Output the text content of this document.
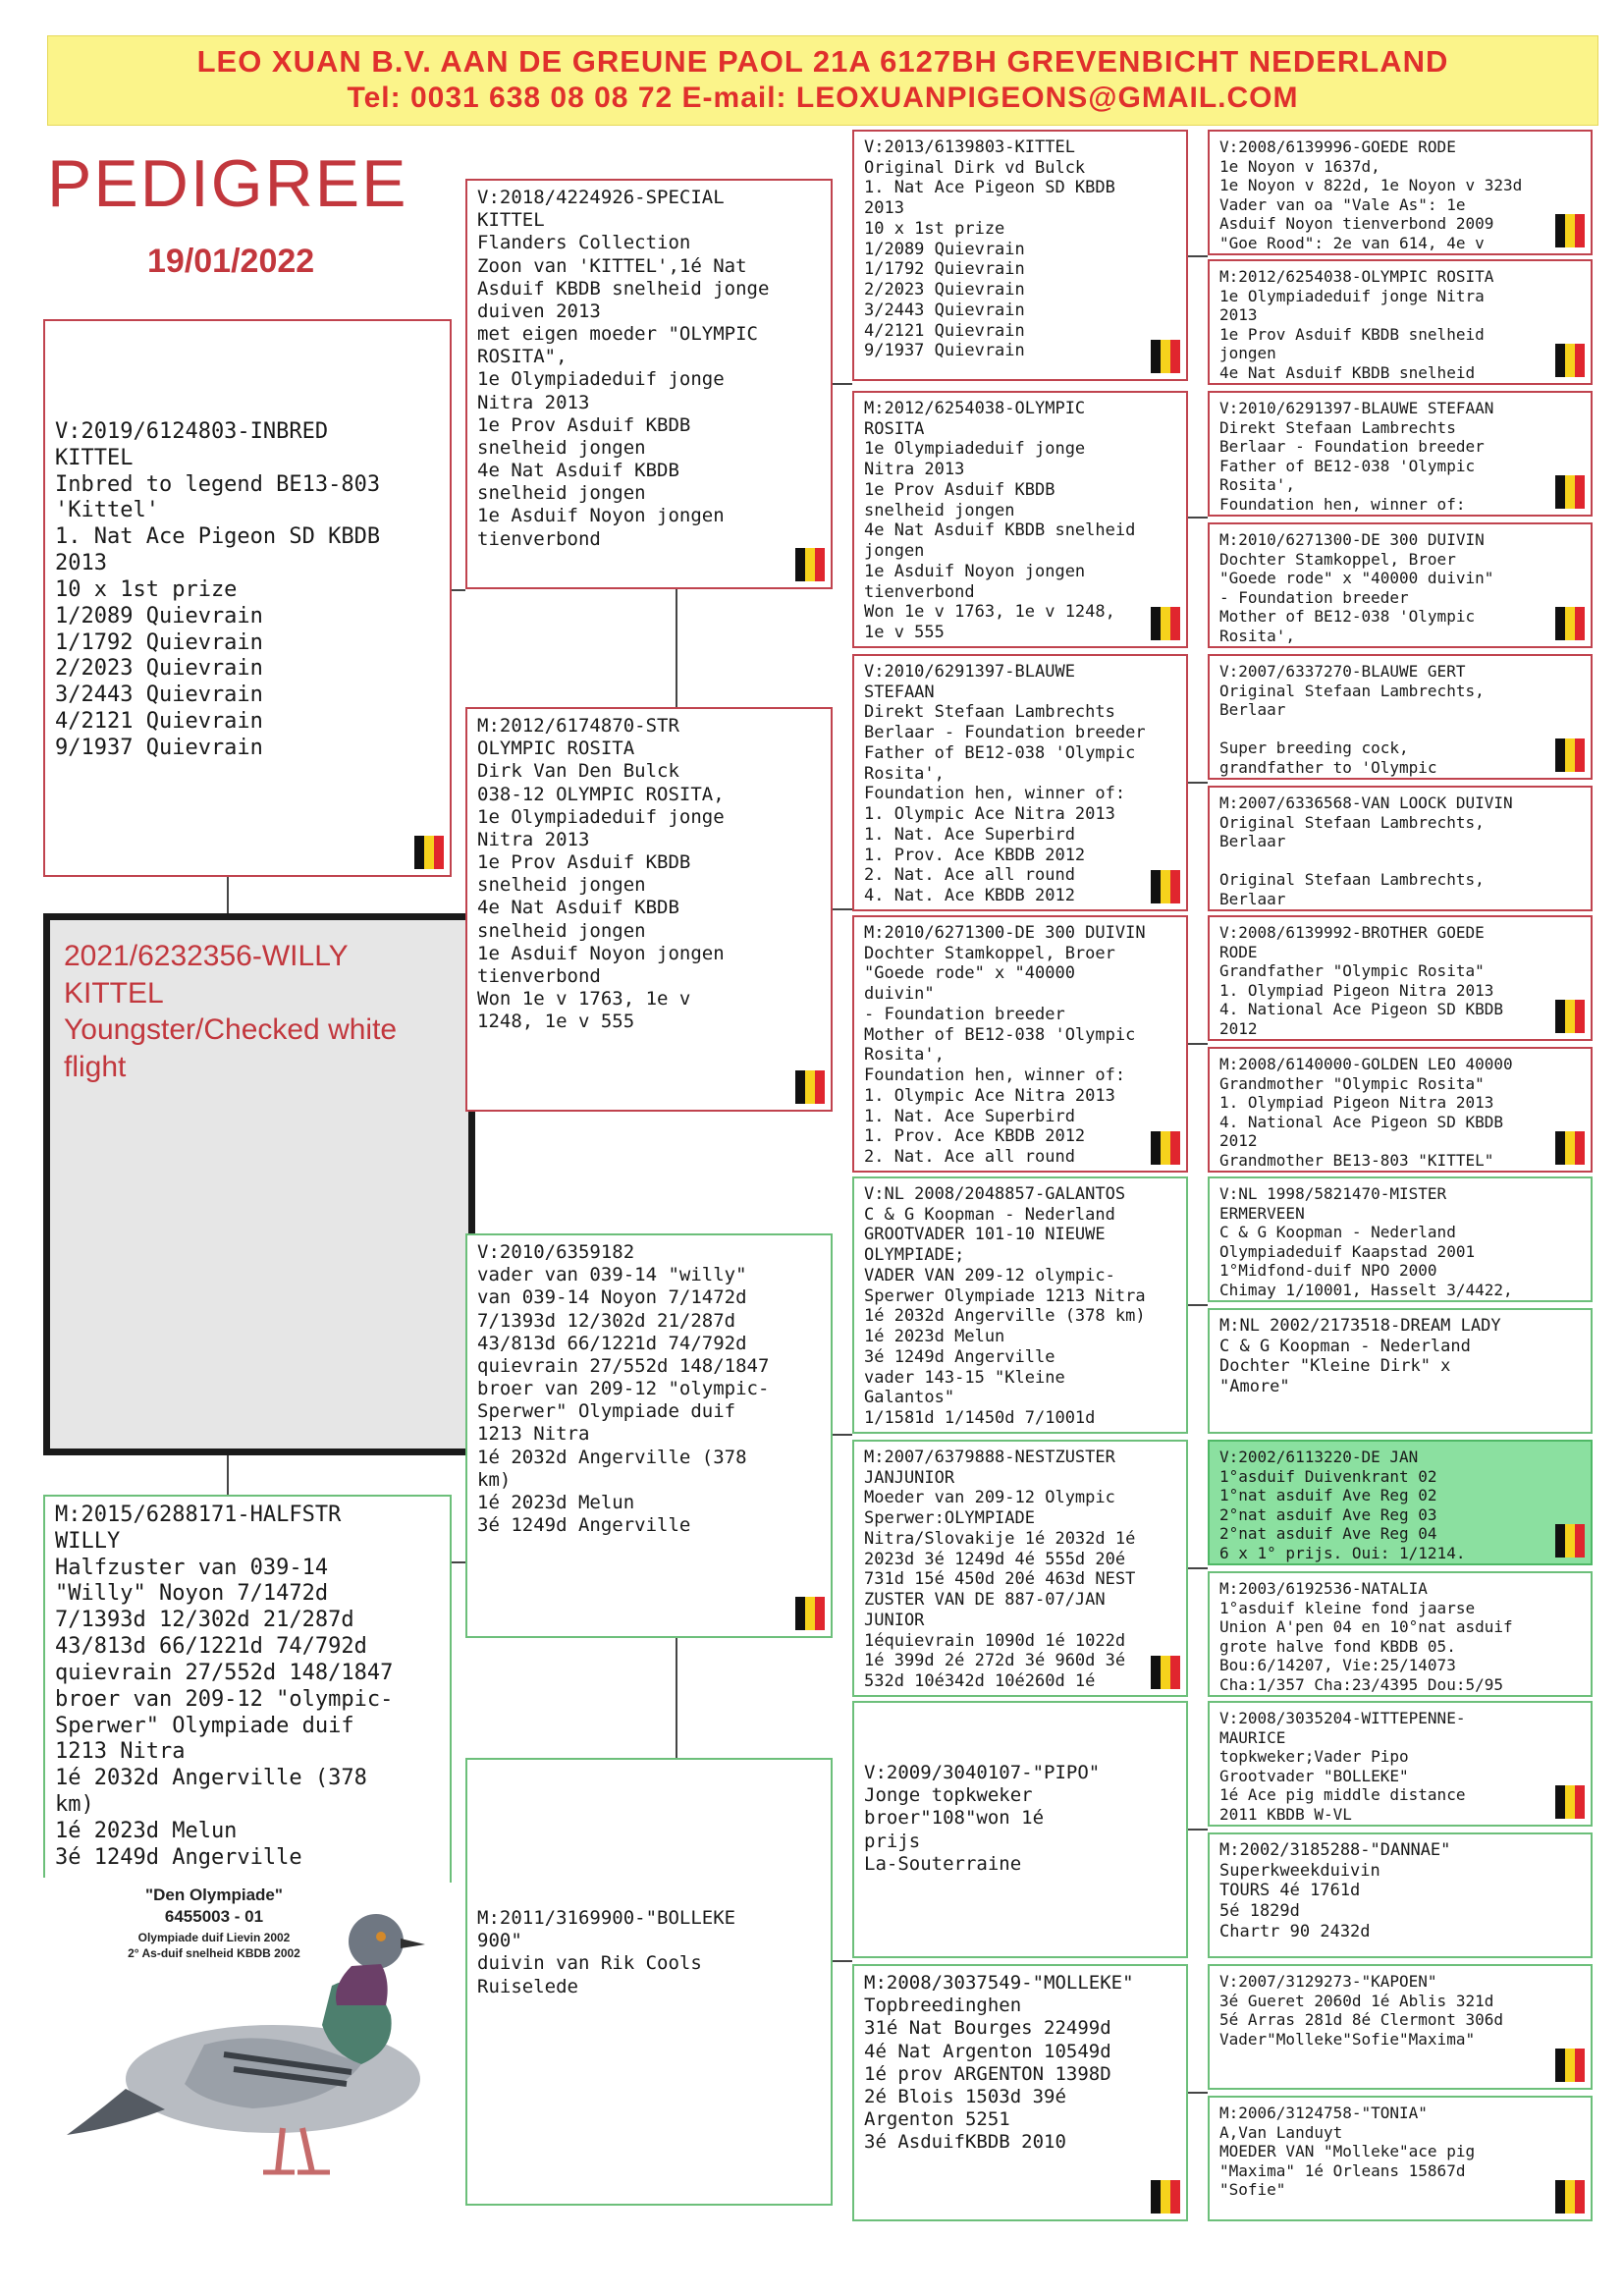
LEO XUAN B.V. AAN DE GREUNE PAOL 21A 6127BH GREVENBICHT NEDERLAND
Tel: 0031 638 08 08 72 E-mail: LEOXUANPIGEONS@GMAIL.COM
PEDIGREE
19/01/2022
V:2019/6124803-INBRED
KITTEL
Inbred to legend BE13-803
'Kittel'
1. Nat Ace Pigeon SD KBDB
2013
10 x 1st prize
1/2089 Quievrain
1/1792 Quievrain
2/2023 Quievrain
3/2443 Quievrain
4/2121 Quievrain
9/1937 Quievrain
2021/6232356-WILLY
KITTEL
Youngster/Checked white
flight
M:2015/6288171-HALFSTR
WILLY
Halfzuster van 039-14
"Willy" Noyon 7/1472d
7/1393d 12/302d 21/287d
43/813d 66/1221d 74/792d
quievrain 27/552d 148/1847
broer van 209-12 "olympic-
Sperwer" Olympiade duif
1213 Nitra
1é 2032d Angerville (378
km)
1é 2023d Melun
3é 1249d Angerville
V:2018/4224926-SPECIAL
KITTEL
Flanders Collection
Zoon van 'KITTEL',1é Nat
Asduif KBDB snelheid jonge
duiven 2013
met eigen moeder "OLYMPIC
ROSITA",
1e Olympiadeduif jonge
Nitra 2013
1e Prov Asduif KBDB
snelheid jongen
4e Nat Asduif KBDB
snelheid jongen
1e Asduif Noyon jongen
tienverbond
M:2012/6174870-STR
OLYMPIC ROSITA
Dirk Van Den Bulck
038-12 OLYMPIC ROSITA,
1e Olympiadeduif jonge
Nitra 2013
1e Prov Asduif KBDB
snelheid jongen
4e Nat Asduif KBDB
snelheid jongen
1e Asduif Noyon jongen
tienverbond
Won 1e v 1763, 1e v
1248, 1e v 555
V:2010/6359182
vader van 039-14 "willy"
van 039-14 Noyon 7/1472d
7/1393d 12/302d 21/287d
43/813d 66/1221d 74/792d
quievrain 27/552d 148/1847
broer van 209-12 "olympic-
Sperwer" Olympiade duif
1213 Nitra
1é 2032d Angerville (378
km)
1é 2023d Melun
3é 1249d Angerville
M:2011/3169900-"BOLLEKE
900"
duivin van Rik Cools
Ruiselede
V:2013/6139803-KITTEL
Original Dirk vd Bulck
1. Nat Ace Pigeon SD KBDB
2013
10 x 1st prize
1/2089 Quievrain
1/1792 Quievrain
2/2023 Quievrain
3/2443 Quievrain
4/2121 Quievrain
9/1937 Quievrain
M:2012/6254038-OLYMPIC
ROSITA
1e Olympiadeduif jonge
Nitra 2013
1e Prov Asduif KBDB
snelheid jongen
4e Nat Asduif KBDB snelheid
jongen
1e Asduif Noyon jongen
tienverbond
Won 1e v 1763, 1e v 1248,
1e v 555
V:2010/6291397-BLAUWE
STEFAAN
Direkt Stefaan Lambrechts
Berlaar - Foundation breeder
Father of BE12-038 'Olympic
Rosita',
Foundation hen, winner of:
1. Olympic Ace Nitra 2013
1. Nat. Ace Superbird
1. Prov. Ace KBDB 2012
2. Nat. Ace all round
4. Nat. Ace KBDB 2012
M:2010/6271300-DE 300 DUIVIN
Dochter Stamkoppel, Broer
"Goede rode" x "40000
duivin"
- Foundation breeder
Mother of BE12-038 'Olympic
Rosita',
Foundation hen, winner of:
1. Olympic Ace Nitra 2013
1. Nat. Ace Superbird
1. Prov. Ace KBDB 2012
2. Nat. Ace all round
V:NL 2008/2048857-GALANTOS
C & G Koopman - Nederland
GROOTVADER 101-10 NIEUWE
OLYMPIADE;
VADER VAN 209-12 olympic-
Sperwer Olympiade 1213 Nitra
1é 2032d Angerville (378 km)
1é 2023d Melun
3é 1249d Angerville
vader 143-15 "Kleine
Galantos"
1/1581d 1/1450d 7/1001d
M:2007/6379888-NESTZUSTER
JANJUNIOR
Moeder van 209-12 Olympic
Sperwer:OLYMPIADE
Nitra/Slovakije 1é 2032d 1é
2023d 3é 1249d 4é 555d 20é
731d 15é 450d 20é 463d NEST
ZUSTER VAN DE 887-07/JAN
JUNIOR
1équievrain 1090d 1é 1022d
1é 399d 2é 272d 3é 960d 3é
532d 10é342d 10é260d 1é
V:2009/3040107-"PIPO"
Jonge topkweker
broer"108"won 1é
prijs
La-Souterraine
M:2008/3037549-"MOLLEKE"
Topbreedinghen
31é Nat Bourges 22499d
4é Nat Argenton 10549d
1é prov ARGENTON 1398D
2é Blois 1503d 39é
Argenton 5251
3é AsduifKBDB 2010
V:2008/6139996-GOEDE RODE
1e Noyon v 1637d,
1e Noyon v 822d, 1e Noyon v 323d
Vader van oa "Vale As": 1e
Asduif Noyon tienverbond 2009
"Goe Rood": 2e van 614, 4e v
M:2012/6254038-OLYMPIC ROSITA
1e Olympiadeduif jonge Nitra
2013
1e Prov Asduif KBDB snelheid
jongen
4e Nat Asduif KBDB snelheid
V:2010/6291397-BLAUWE STEFAAN
Direkt Stefaan Lambrechts
Berlaar - Foundation breeder
Father of BE12-038 'Olympic
Rosita',
Foundation hen, winner of:
M:2010/6271300-DE 300 DUIVIN
Dochter Stamkoppel, Broer
"Goede rode" x "40000 duivin"
- Foundation breeder
Mother of BE12-038 'Olympic
Rosita',
V:2007/6337270-BLAUWE GERT
Original Stefaan Lambrechts,
Berlaar

Super breeding cock,
grandfather to 'Olympic
M:2007/6336568-VAN LOOCK DUIVIN
Original Stefaan Lambrechts,
Berlaar

Original Stefaan Lambrechts,
Berlaar
V:2008/6139992-BROTHER GOEDE
RODE
Grandfather "Olympic Rosita"
1. Olympiad Pigeon Nitra 2013
4. National Ace Pigeon SD KBDB
2012
M:2008/6140000-GOLDEN LEO 40000
Grandmother "Olympic Rosita"
1. Olympiad Pigeon Nitra 2013
4. National Ace Pigeon SD KBDB
2012
Grandmother BE13-803 "KITTEL"
V:NL 1998/5821470-MISTER
ERMERVEEN
C & G Koopman - Nederland
Olympiadeduif Kaapstad 2001
1°Midfond-duif NPO 2000
Chimay 1/10001, Hasselt 3/4422,
M:NL 2002/2173518-DREAM LADY
C & G Koopman - Nederland
Dochter "Kleine Dirk" x
"Amore"
V:2002/6113220-DE JAN
1°asduif Duivenkrant 02
1°nat asduif Ave Reg 02
2°nat asduif Ave Reg 03
2°nat asduif Ave Reg 04
6 x 1° prijs. Oui: 1/1214.
M:2003/6192536-NATALIA
1°asduif kleine fond jaarse
Union A'pen 04 en 10°nat asduif
grote halve fond KBDB 05.
Bou:6/14207, Vie:25/14073
Cha:1/357 Cha:23/4395 Dou:5/95
V:2008/3035204-WITTEPENNE-
MAURICE
topkweker;Vader Pipo
Grootvader "BOLLEKE"
1é Ace pig middle distance
2011 KBDB W-VL
M:2002/3185288-"DANNAE"
Superkweekduivin
TOURS 4é 1761d
5é 1829d
Chartr 90 2432d
V:2007/3129273-"KAPOEN"
3é Gueret 2060d 1é Ablis 321d
5é Arras 281d 8é Clermont 306d
Vader"Molleke"Sofie"Maxima"
M:2006/3124758-"TONIA"
A,Van Landuyt
MOEDER VAN "Molleke"ace pig
"Maxima" 1é Orleans 15867d
"Sofie"
"Den Olympiade"
6455003 - 01
Olympiade duif Lievin 2002
2° As-duif snelheid KBDB 2002
